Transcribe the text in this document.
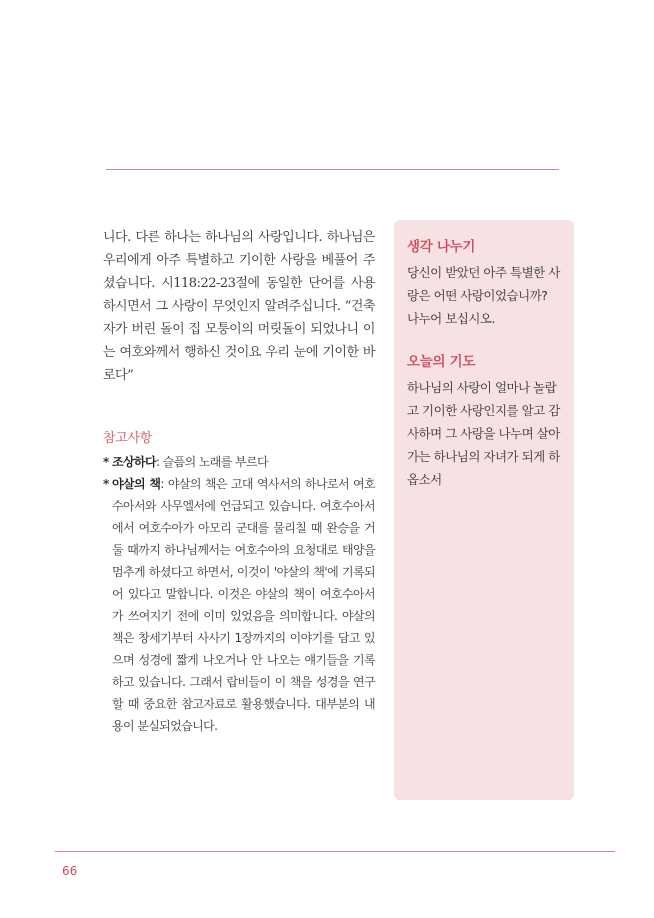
니다. 다른 하나는 하나님의 사랑입니다. 하나님은 우리에게 아주 특별하고 기이한 사랑을 베풀어 주셨습니다. 시118:22-23절에 동일한 단어를 사용하시면서 그 사랑이 무엇인지 알려주십니다. “건축자가 버린 돌이 집 모퉁이의 머릿돌이 되었나니 이는 여호와께서 행하신 것이요 우리 눈에 기이한 바로다”

참고사항
* 조상하다: 슬픔의 노래를 부르다
* 야살의 책: 야살의 책은 고대 역사서의 하나로서 여호수아서와 사무엘서에 언급되고 있습니다. 여호수아서에서 여호수아가 아모리 군대를 물리칠 때 완승을 거둘 때까지 하나님께서는 여호수아의 요청대로 태양을 멈추게 하셨다고 하면서, 이것이 '야살의 책'에 기록되어 있다고 말합니다. 이것은 야살의 책이 여호수아서가 쓰여지기 전에 이미 있었음을 의미합니다. 야살의 책은 창세기부터 사사기 1장까지의 이야기를 담고 있으며 성경에 짧게 나오거나 안 나오는 얘기들을 기록하고 있습니다. 그래서 랍비들이 이 책을 성경을 연구할 때 중요한 참고자료로 활용했습니다. 대부분의 내용이 분실되었습니다.
생각 나누기

당신이 받았던 아주 특별한 사랑은 어떤 사랑이었습니까? 나누어 보십시오.

오늘의 기도

하나님의 사랑이 얼마나 놀랍고 기이한 사랑인지를 알고 감사하며 그 사랑을 나누며 살아가는 하나님의 자녀가 되게 하옵소서

66
